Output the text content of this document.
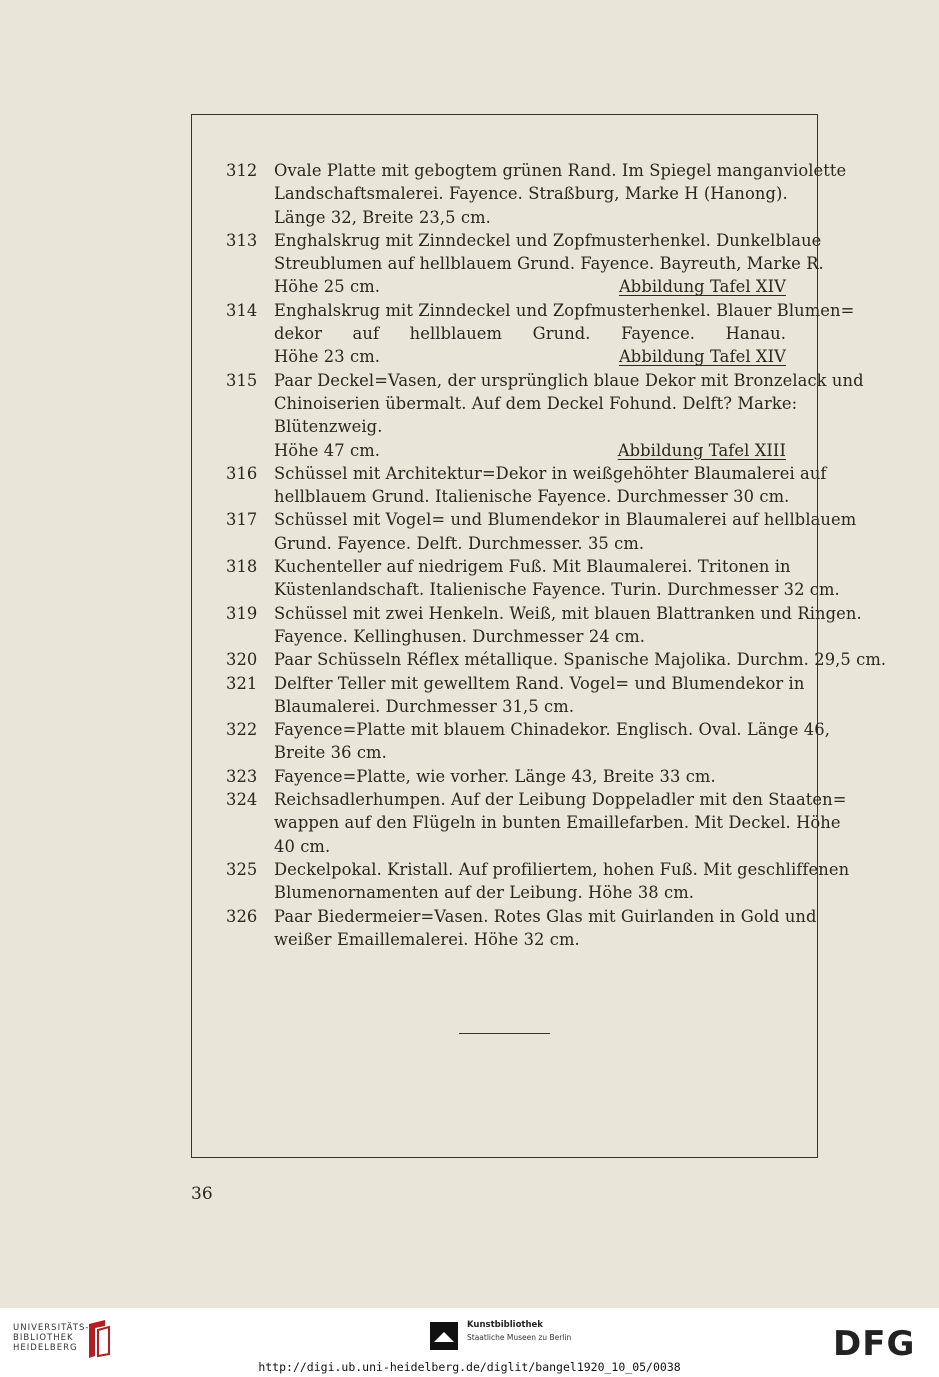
312	Ovale Platte mit gebogtem grünen Rand. Im Spiegel manganviolette
Landschaftsmalerei. Fayence. Straßburg, Marke H (Hanong).
Länge 32, Breite 23,5 cm.
313	Enghalskrug mit Zinndeckel und Zopfmusterhenkel. Dunkelblaue
Streublumen auf hellblauem Grund. Fayence. Bayreuth, Marke R.
Höhe 25 cm.	Abbildung Tafel XIV
314	Enghalskrug mit Zinndeckel und Zopfmusterhenkel. Blauer Blumen=
dekor auf hellblauem Grund. Fayence. Hanau.
Höhe 23 cm.	Abbildung Tafel XIV
315	Paar Deckel=Vasen, der ursprünglich blaue Dekor mit Bronzelack und
Chinoiserien übermalt. Auf dem Deckel Fohund. Delft? Marke:
Blütenzweig.
Höhe 47 cm.	Abbildung Tafel XIII
316	Schüssel mit Architektur=Dekor in weißgehöhter Blaumalerei auf
hellblauem Grund. Italienische Fayence. Durchmesser 30 cm.
317	Schüssel mit Vogel= und Blumendekor in Blaumalerei auf hellblauem
Grund. Fayence. Delft. Durchmesser. 35 cm.
318	Kuchenteller auf niedrigem Fuß. Mit Blaumalerei. Tritonen in
Küstenlandschaft. Italienische Fayence. Turin. Durchmesser 32 cm.
319	Schüssel mit zwei Henkeln. Weiß, mit blauen Blattranken und Ringen.
Fayence. Kellinghusen. Durchmesser 24 cm.
320	Paar Schüsseln Réflex métallique. Spanische Majolika. Durchm. 29,5 cm.
321	Delfter Teller mit gewelltem Rand. Vogel= und Blumendekor in
Blaumalerei. Durchmesser 31,5 cm.
322	Fayence=Platte mit blauem Chinadekor. Englisch. Oval. Länge 46,
Breite 36 cm.
323	Fayence=Platte, wie vorher. Länge 43, Breite 33 cm.
324	Reichsadlerhumpen. Auf der Leibung Doppeladler mit den Staaten=
wappen auf den Flügeln in bunten Emaillefarben. Mit Deckel. Höhe
40 cm.
325	Deckelpokal. Kristall. Auf profiliertem, hohen Fuß. Mit geschliffenen
Blumenornamenten auf der Leibung. Höhe 38 cm.
326	Paar Biedermeier=Vasen. Rotes Glas mit Guirlanden in Gold und
weißer Emaillemalerei. Höhe 32 cm.
36
UNIVERSITÄTS-
BIBLIOTHEK
HEIDELBERG
Kunstbibliothek
Staatliche Museen zu Berlin	DFG
http://digi.ub.uni-heidelberg.de/diglit/bangel1920_10_05/0038
